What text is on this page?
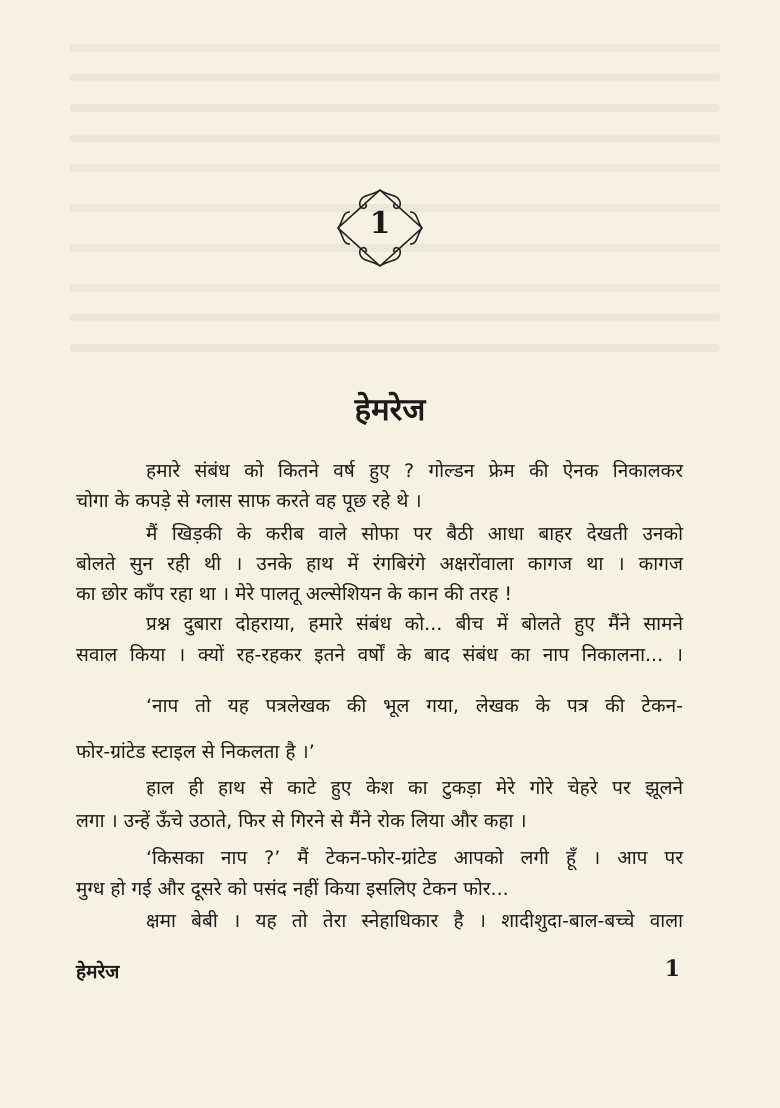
1
हेमरेज
हमारे संबंध को कितने वर्ष हुए ? गोल्डन फ्रेम की ऐनक निकालकर
चोगा के कपड़े से ग्लास साफ करते वह पूछ रहे थे ।
मैं खिड़की के करीब वाले सोफा पर बैठी आधा बाहर देखती उनको
बोलते सुन रही थी । उनके हाथ में रंगबिरंगे अक्षरोंवाला कागज था । कागज
का छोर काँप रहा था । मेरे पालतू अल्सेशियन के कान की तरह !
प्रश्न दुबारा दोहराया, हमारे संबंध को... बीच में बोलते हुए मैंने सामने
सवाल किया । क्यों रह-रहकर इतने वर्षों के बाद संबंध का नाप निकालना... ।
‘नाप तो यह पत्रलेखक की भूल गया, लेखक के पत्र की टेकन-
फोर-ग्रांटेड स्टाइल से निकलता है ।’
हाल ही हाथ से काटे हुए केश का टुकड़ा मेरे गोरे चेहरे पर झूलने
लगा । उन्हें ऊँचे उठाते, फिर से गिरने से मैंने रोक लिया और कहा ।
‘किसका नाप ?’ मैं टेकन-फोर-ग्रांटेड आपको लगी हूँ । आप पर
मुग्ध हो गई और दूसरे को पसंद नहीं किया इसलिए टेकन फोर...
क्षमा बेबी । यह तो तेरा स्नेहाधिकार है । शादीशुदा-बाल-बच्चे वाला
हेमरेज	1
